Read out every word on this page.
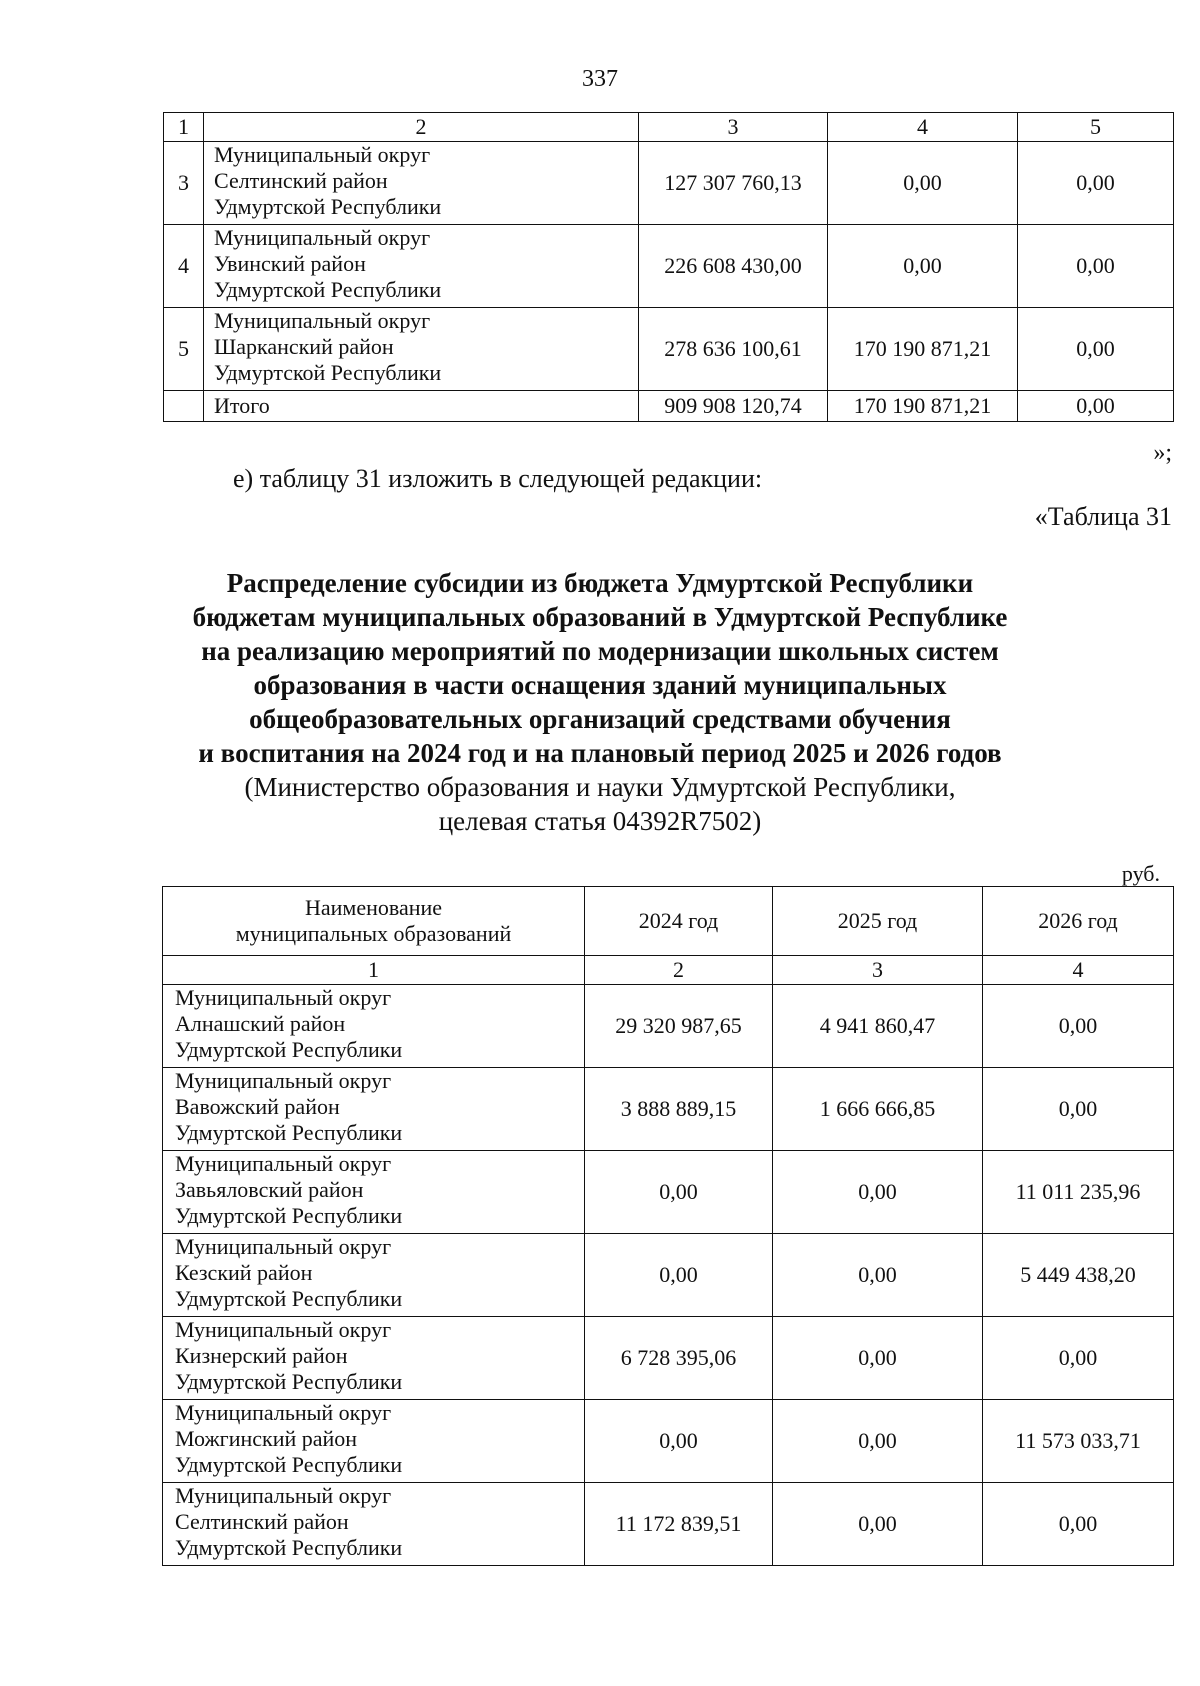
337
1	2	3	4	5
3	Муниципальный округ
Селтинский район
Удмуртской Республики	127 307 760,13	0,00	0,00
4	Муниципальный округ
Увинский район
Удмуртской Республики	226 608 430,00	0,00	0,00
5	Муниципальный округ
Шарканский район
Удмуртской Республики	278 636 100,61	170 190 871,21	0,00
	Итого	909 908 120,74	170 190 871,21	0,00
»;
е) таблицу 31 изложить в следующей редакции:
«Таблица 31
Распределение субсидии из бюджета Удмуртской Республики
бюджетам муниципальных образований в Удмуртской Республике
на реализацию мероприятий по модернизации школьных систем
образования в части оснащения зданий муниципальных
общеобразовательных организаций средствами обучения
и воспитания на 2024 год и на плановый период 2025 и 2026 годов
(Министерство образования и науки Удмуртской Республики,
целевая статья 04392R7502)
руб.
Наименование
муниципальных образований	2024 год	2025 год	2026 год
1	2	3	4

Муниципальный округ
Алнашский район
Удмуртской Республики	29 320 987,65	4 941 860,47	0,00

Муниципальный округ
Вавожский район
Удмуртской Республики	3 888 889,15	1 666 666,85	0,00

Муниципальный округ
Завьяловский район
Удмуртской Республики	0,00	0,00	11 011 235,96

Муниципальный округ
Кезский район
Удмуртской Республики	0,00	0,00	5 449 438,20

Муниципальный округ
Кизнерский район
Удмуртской Республики	6 728 395,06	0,00	0,00

Муниципальный округ
Можгинский район
Удмуртской Республики	0,00	0,00	11 573 033,71

Муниципальный округ
Селтинский район
Удмуртской Республики	11 172 839,51	0,00	0,00
